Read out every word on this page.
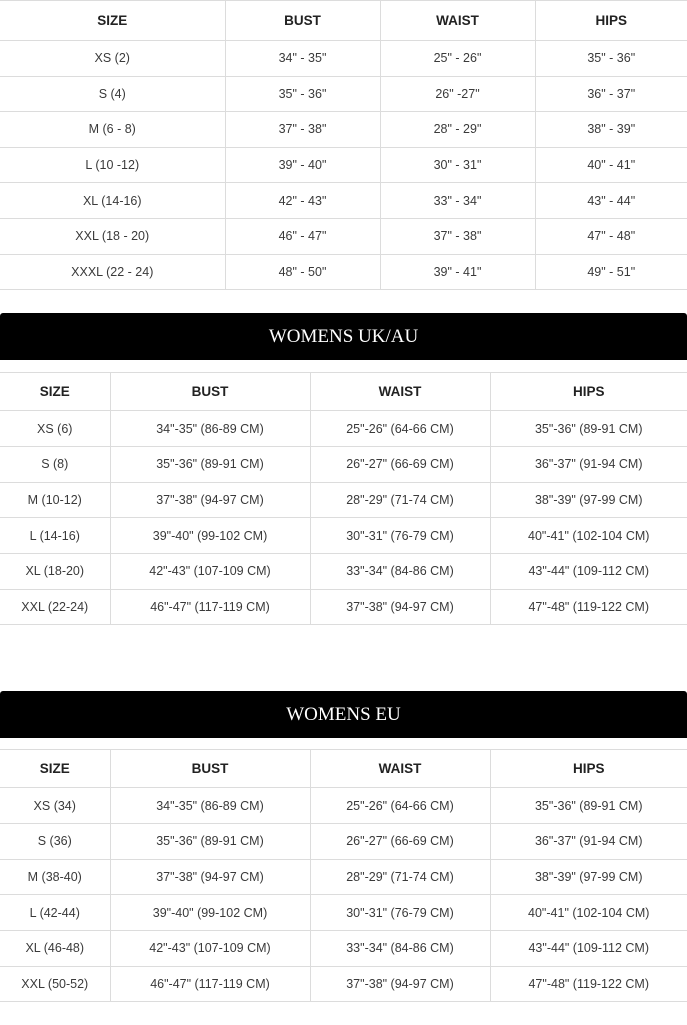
SIZE	BUST	WAIST	HIPS
XS (2)	34" - 35"	25" - 26"	35" - 36"
S (4)	35" - 36"	26" -27"	36" - 37"
M (6 - 8)	37" - 38"	28" - 29"	38" - 39"
L (10 -12)	39" - 40"	30" - 31"	40" - 41"
XL (14-16)	42" - 43"	33" - 34"	43" - 44"
XXL (18 - 20)	46" - 47"	37" - 38"	47" - 48"
XXXL (22 - 24)	48" - 50"	39" - 41"	49" - 51"
WOMENS UK/AU
SIZE	BUST	WAIST	HIPS
XS (6)	34"-35" (86-89 CM)	25"-26" (64-66 CM)	35"-36" (89-91 CM)
S (8)	35"-36" (89-91 CM)	26"-27" (66-69 CM)	36"-37" (91-94 CM)
M (10-12)	37"-38" (94-97 CM)	28"-29" (71-74 CM)	38"-39" (97-99 CM)
L (14-16)	39"-40" (99-102 CM)	30"-31" (76-79 CM)	40"-41" (102-104 CM)
XL (18-20)	42"-43" (107-109 CM)	33"-34" (84-86 CM)	43"-44" (109-112 CM)
XXL (22-24)	46"-47" (117-119 CM)	37"-38" (94-97 CM)	47"-48" (119-122 CM)
WOMENS EU
SIZE	BUST	WAIST	HIPS
XS (34)	34"-35" (86-89 CM)	25"-26" (64-66 CM)	35"-36" (89-91 CM)
S (36)	35"-36" (89-91 CM)	26"-27" (66-69 CM)	36"-37" (91-94 CM)
M (38-40)	37"-38" (94-97 CM)	28"-29" (71-74 CM)	38"-39" (97-99 CM)
L (42-44)	39"-40" (99-102 CM)	30"-31" (76-79 CM)	40"-41" (102-104 CM)
XL (46-48)	42"-43" (107-109 CM)	33"-34" (84-86 CM)	43"-44" (109-112 CM)
XXL (50-52)	46"-47" (117-119 CM)	37"-38" (94-97 CM)	47"-48" (119-122 CM)
